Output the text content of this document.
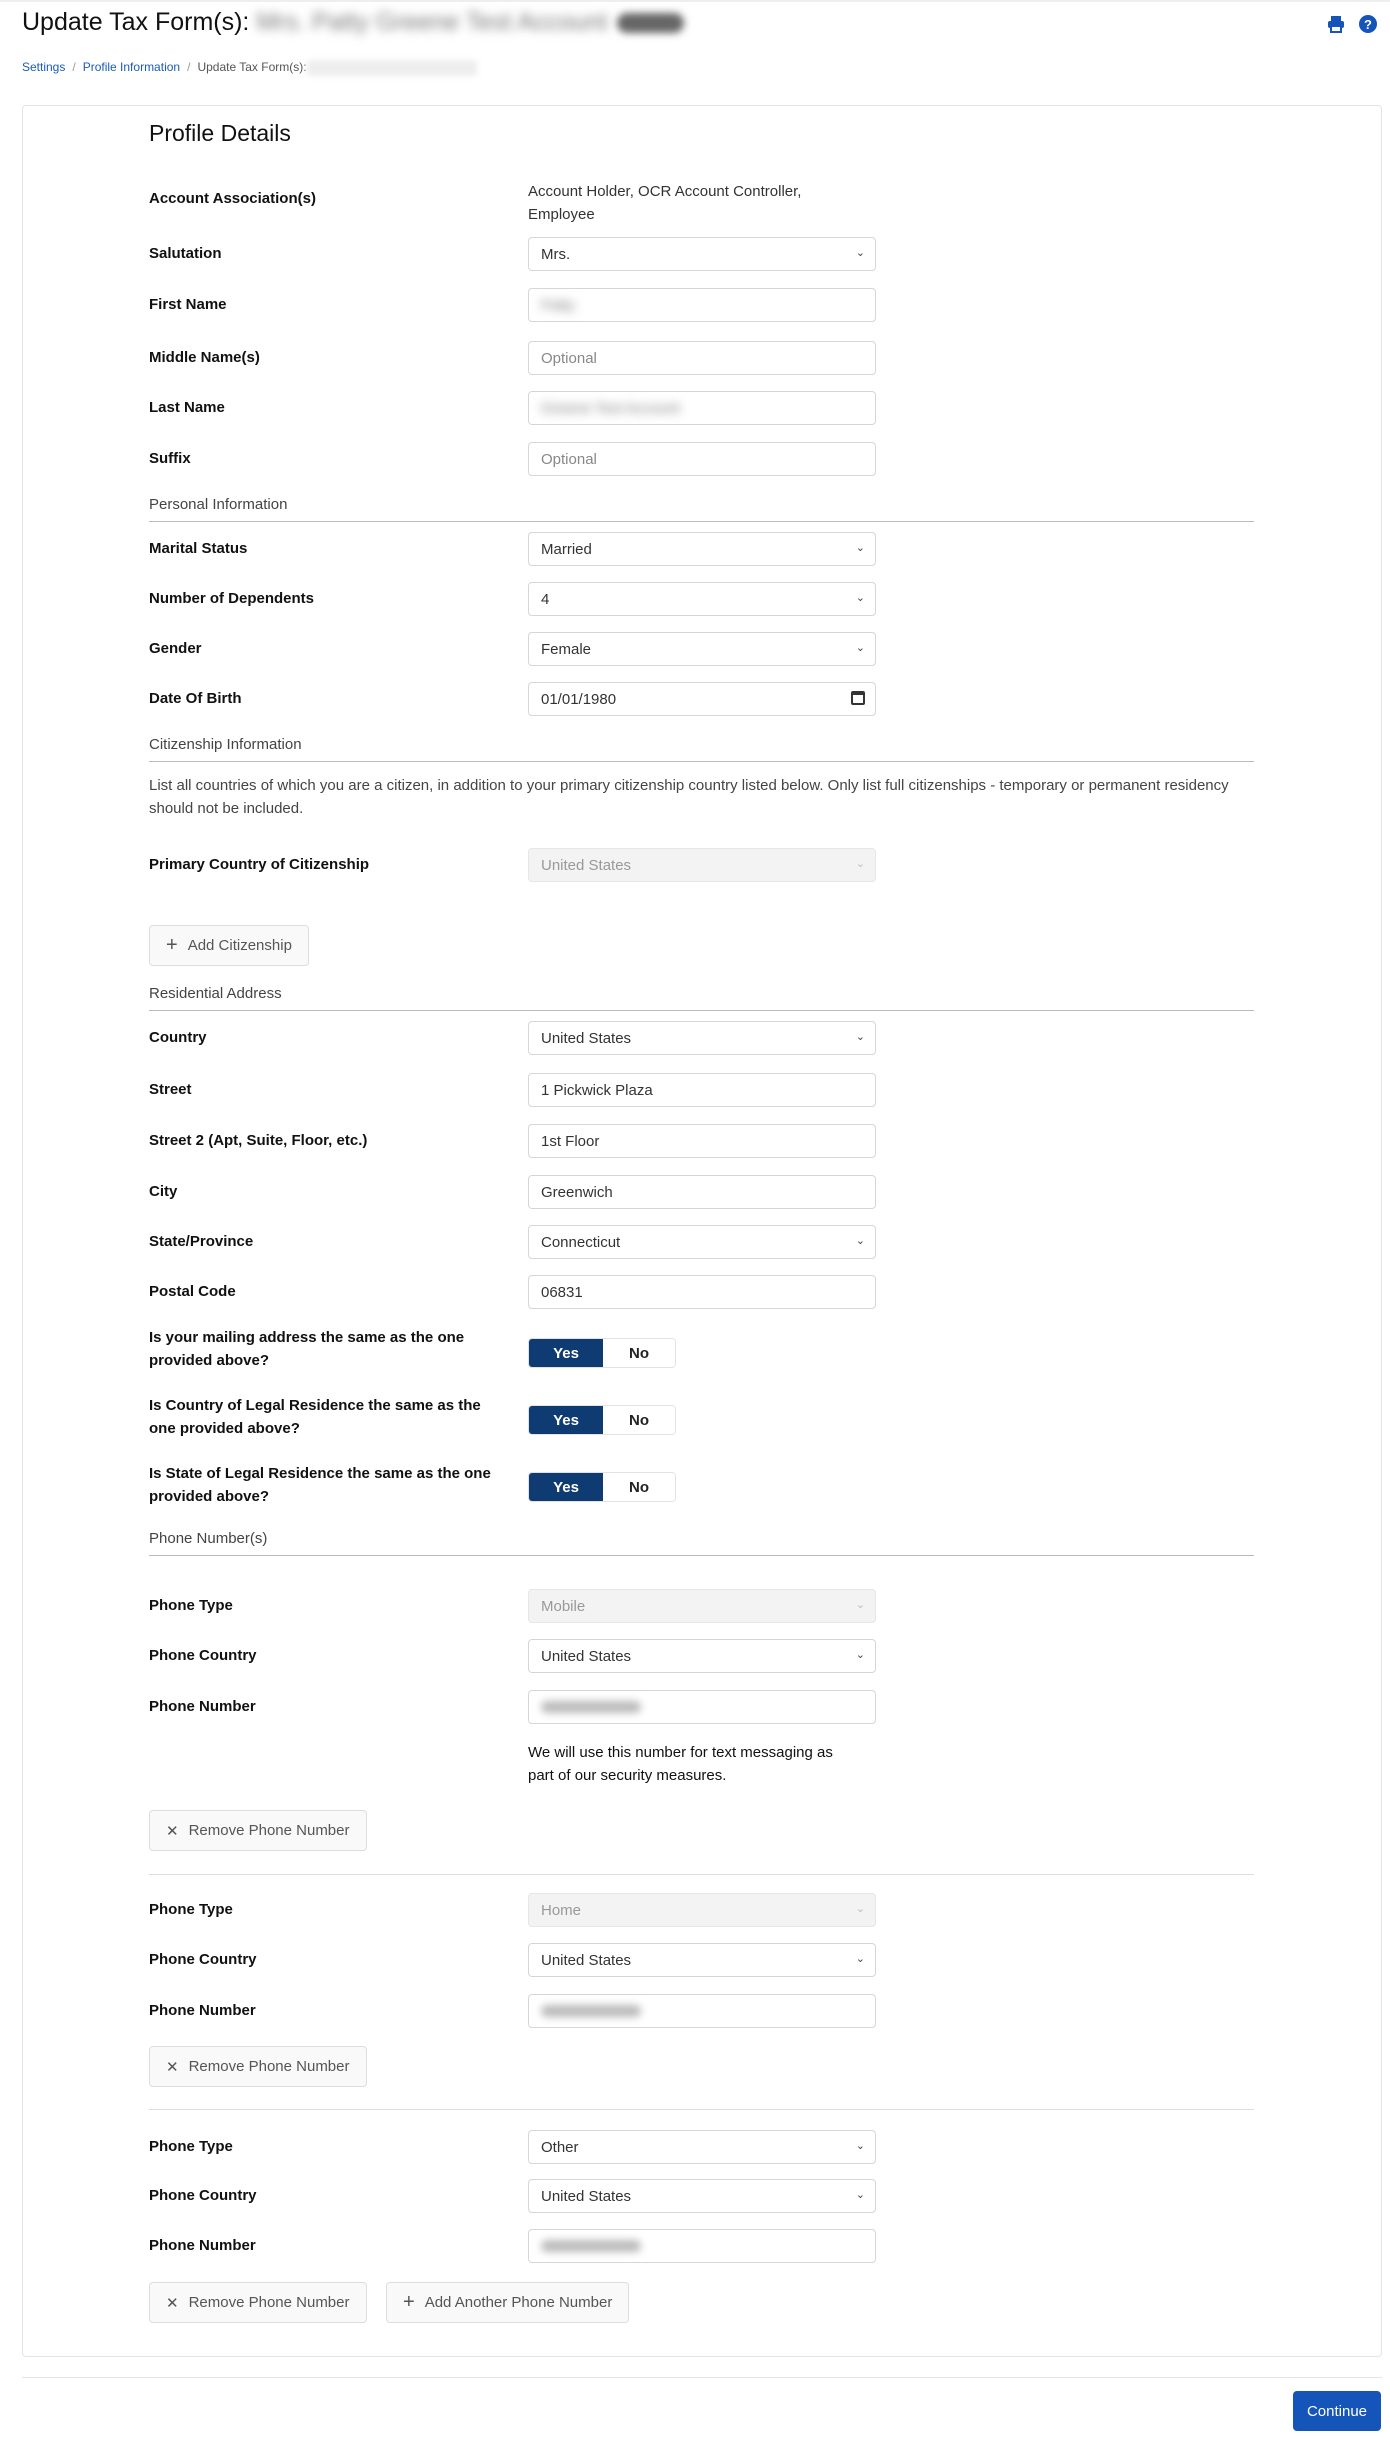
Update Tax Form(s): Mrs. Patty Greene Test Account Active	?
Settings / Profile Information / Update Tax Form(s):
Profile Details
Account Association(s)	Account Holder, OCR Account Controller,
Employee
Salutation	Mrs.	⌄
First Name	Patty
Middle Name(s)	Optional
Last Name	Greene Test Account
Suffix	Optional
Personal Information
Marital Status	Married	⌄
Number of Dependents	4	⌄
Gender	Female	⌄
Date Of Birth	01/01/1980
Citizenship Information
List all countries of which you are a citizen, in addition to your primary citizenship country listed below. Only list full citizenships - temporary or permanent residency should not be included.
Primary Country of Citizenship	United States	⌄
+ Add Citizenship
Residential Address
Country	United States	⌄
Street	1 Pickwick Plaza
Street 2 (Apt, Suite, Floor, etc.)	1st Floor
City	Greenwich
State/Province	Connecticut	⌄
Postal Code	06831
Is your mailing address the same as the one
provided above?	Yes	No
Is Country of Legal Residence the same as the
one provided above?	Yes	No
Is State of Legal Residence the same as the one
provided above?
Yes	No
Phone Number(s)
Phone Type	Mobile	⌄
Phone Country	United States	⌄
Phone Number
We will use this number for text messaging as
part of our security measures.
✕ Remove Phone Number
Phone Type	Home	⌄
Phone Country	United States	⌄
Phone Number
✕ Remove Phone Number
Phone Type	Other	⌄
Phone Country	United States	⌄
Phone Number
✕ Remove Phone Number	+ Add Another Phone Number
Continue
